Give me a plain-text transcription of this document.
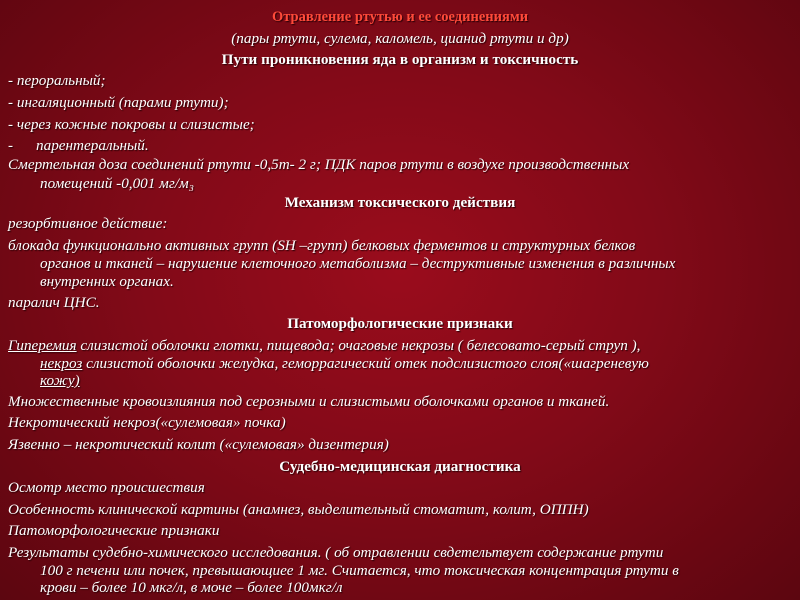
Отравление ртутью и ее соединениями
(пары ртути, сулема, каломель, цианид ртути и др)
Пути проникновения яда в организм и токсичность
- пероральный;
- ингаляционный (парами ртути);
- через кожные покровы и слизистые;
- парентеральный.
Смертельная доза соединений ртути -0,5т- 2 г; ПДК паров ртути в воздухе производственных
помещений -0,001 мг/м₃
Механизм токсического действия
резорбтивное действие:
блокада функционально активных групп (SH –групп) белковых ферментов и структурных белков
органов и тканей – нарушение клеточного метаболизма – деструктивные изменения в различных
внутренних органах.
паралич ЦНС.
Патоморфологические признаки
Гиперемия слизистой оболочки глотки, пищевода; очаговые некрозы ( белесовато-серый струп ),
некроз слизистой оболочки желудка, геморрагический отек подслизистого слоя(«шагреневую
кожу)
Множественные кровоизлияния под серозными и слизистыми оболочками органов и тканей.
Некротический некроз(«сулемовая» почка)
Язвенно – некротический колит («сулемовая» дизентерия)
Судебно-медицинская диагностика
Осмотр место происшествия
Особенность клинической картины (анамнез, выделительный стоматит, колит, ОППН)
Патоморфологические признаки
Результаты судебно-химического исследования. ( об отравлении свдетельтвует содержание ртути
100 г печени или почек, превышающиее 1 мг. Считается, что токсическая концентрация ртути в
крови – более 10 мкг/л, в моче – более 100мкг/л
